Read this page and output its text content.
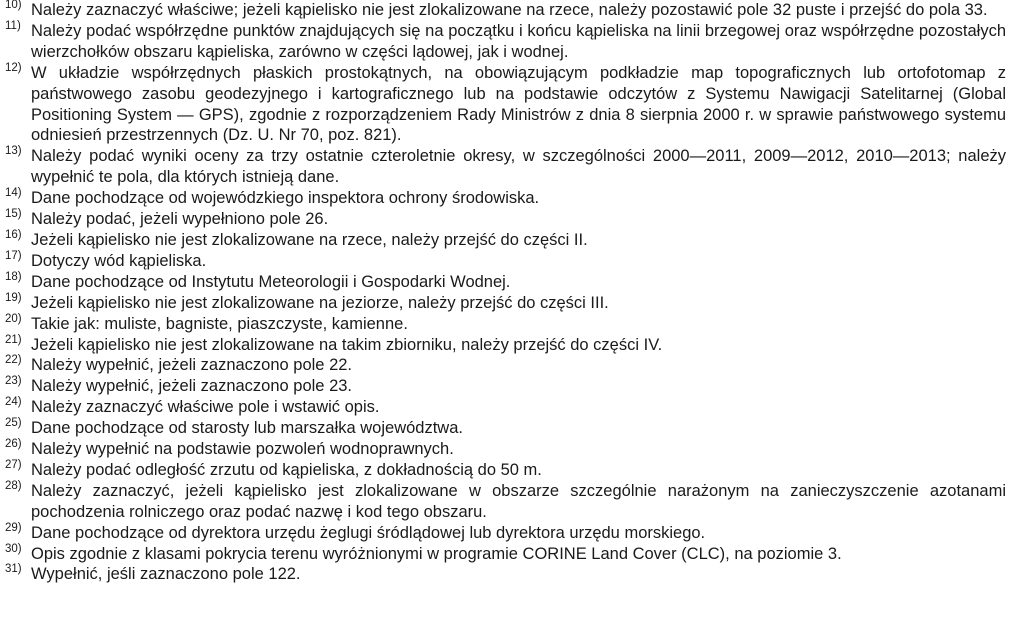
10) Należy zaznaczyć właściwe; jeżeli kąpielisko nie jest zlokalizowane na rzece, należy pozostawić pole 32 puste i przejść do pola 33.
11) Należy podać współrzędne punktów znajdujących się na początku i końcu kąpieliska na linii brzegowej oraz współrzędne pozostałych wierzchołków obszaru kąpieliska, zarówno w części lądowej, jak i wodnej.
12) W układzie współrzędnych płaskich prostokątnych, na obowiązującym podkładzie map topograficznych lub ortofotomap z państwowego zasobu geodezyjnego i kartograficznego lub na podstawie odczytów z Systemu Nawigacji Satelitarnej (Global Positioning System — GPS), zgodnie z rozporządzeniem Rady Ministrów z dnia 8 sierpnia 2000 r. w sprawie państwowego systemu odniesień przestrzennych (Dz. U. Nr 70, poz. 821).
13) Należy podać wyniki oceny za trzy ostatnie czteroletnie okresy, w szczególności 2000—2011, 2009—2012, 2010—2013; należy wypełnić te pola, dla których istnieją dane.
14) Dane pochodzące od wojewódzkiego inspektora ochrony środowiska.
15) Należy podać, jeżeli wypełniono pole 26.
16) Jeżeli kąpielisko nie jest zlokalizowane na rzece, należy przejść do części II.
17) Dotyczy wód kąpieliska.
18) Dane pochodzące od Instytutu Meteorologii i Gospodarki Wodnej.
19) Jeżeli kąpielisko nie jest zlokalizowane na jeziorze, należy przejść do części III.
20) Takie jak: muliste, bagniste, piaszczyste, kamienne.
21) Jeżeli kąpielisko nie jest zlokalizowane na takim zbiorniku, należy przejść do części IV.
22) Należy wypełnić, jeżeli zaznaczono pole 22.
23) Należy wypełnić, jeżeli zaznaczono pole 23.
24) Należy zaznaczyć właściwe pole i wstawić opis.
25) Dane pochodzące od starosty lub marszałka województwa.
26) Należy wypełnić na podstawie pozwoleń wodnoprawnych.
27) Należy podać odległość zrzutu od kąpieliska, z dokładnością do 50 m.
28) Należy zaznaczyć, jeżeli kąpielisko jest zlokalizowane w obszarze szczególnie narażonym na zanieczyszczenie azotanami pochodzenia rolniczego oraz podać nazwę i kod tego obszaru.
29) Dane pochodzące od dyrektora urzędu żeglugi śródlądowej lub dyrektora urzędu morskiego.
30) Opis zgodnie z klasami pokrycia terenu wyróżnionymi w programie CORINE Land Cover (CLC), na poziomie 3.
31) Wypełnić, jeśli zaznaczono pole 122.
